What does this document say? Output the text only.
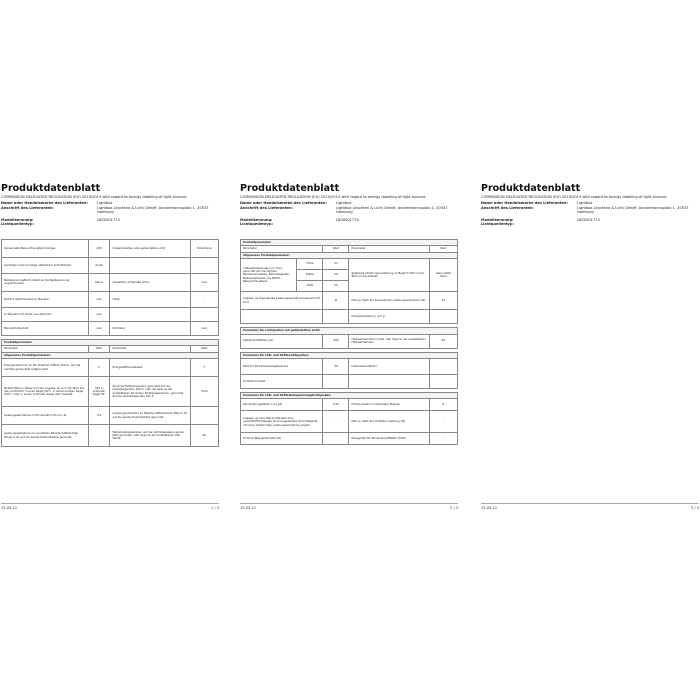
Produktdatenblatt
COMMISSION DELEGATED REGULATION (EU) 2019/2015 with regard to energy labelling of light sources
Name oder Handelsmarke des Lieferanten:	Lightbox
Anschrift des Lieferanten:	Lightbox Leuchten & Licht GmbH, Anckelmannsplatz 1, 20537 Hamburg
Modellkennung:	LB00001773
Lichtquellentyp:
Verwendete Beleuchtungstechnologie:	LED	Ungebündeltes oder gebündeltes Licht:	Directional
Sockeltyp (oder sonstige elektrische Schnittstelle)	GU10		
Netzspannung/Nicht direkt an die Netzspannung angeschlossen	Mains	Vernetzte Lichtquelle (CLS):	nein
Farblich abstimmbare Lichtquelle:	nein	Hülle:	-
Lichtquelle mit hoher Leuchtdichte:	nein		
Blendschutzschild:	nein	Dimmbar:	nein

Produktparameter			
Parameter	Wert	Parameter	Wert
Allgemeine Produktparameter:			
Energieverbrauch im Ein-Zustand (kWh/1 000 h), auf die nächste ganze Zahl aufgerundet	5	Energieeffizienzklasse	F
Nutzlichtstrom (Φuse) mit der Angabe, ob sich der Wert auf den Lichtstrom in einer Kegel (90°), in einem breiten Kegel (120°) oder in einem schmalen Kegel (90°) bezieht	345 in schmaler Kegel 90°	Ähnliche Farbtemperatur, gerundet auf die nächstliegenden 100 K, oder die Spanne der einstellbaren ähnlichen Farbtemperaturen, gerundet auf die nächstliegenden 100 K	2700
Leistungsaufnahme im Ein-Zustand (Pon) in W	4,5	Leistungsaufnahme im Bereitschaftszustand (Psb) in W, auf die zweite Dezimalstelle gerundet	
Leistungsaufnahme im vernetzten Bereitschaftsbetrieb (Pnet) in W, auf die zweite Dezimalstelle gerundet		Farbwiedergabeindex, auf die nächstgelegene ganze Zahl gerundet, oder Spanne der einstellbaren CRI-Werte	90
15.05.22	1 / 3
Produktdatenblatt
COMMISSION DELEGATED REGULATION (EU) 2019/2015 with regard to energy labelling of light sources
Name oder Handelsmarke des Lieferanten:	Lightbox
Anschrift des Lieferanten:	Lightbox Leuchten & Licht GmbH, Anckelmannsplatz 1, 20537 Hamburg
Modellkennung:	LB00001773
Lichtquellentyp:
Produktparameter				
Parameter		Wert	Parameter	Wert
Allgemeine Produktparameter:				
Außenabmessungen (in mm), gerundet auf die nächste Nachkommastelle, Betriebsgeräte, Bedienelemente und NLHM-Beleuchtungsteile	Höhe	53	Spektrale Strahlungsverteilung im Bereich 250 nm bis 800 nm bei Volllast	siehe letzte Seite
	Breite	50		
	Tiefe	50		
Angabe, ob Äquivalente Leistungsaufnahme beansprucht wird		Ja	Falls ja, Wert der äquivalenten Leistungsaufnahme (W)	35
			Farbwertanteile (x und y)	

Parameter für Lichtquellen mit gebündeltem Licht:				
Spitzenlichtstärke (cd)		650	Halbwertswinkel in Grad oder Spanne der einstellbaren Halbwertswinkel	36

Parameter für LED- und OLED-Lichtquellen:				
Wert für R9-Farbwiedergabeindex		30	Lebensdauerfaktor	
Lichtstromerhalt				

Parameter für LED- und OLED-Netzspannungslichtquellen:				
Verschiebungsfaktor (cos φ1)		0,50	Farbkonsistenz in MacAdam-Ellipsen	6
Angabe, ob eine LED-Lichtquelle eine Leuchtstofflichtquelle ohne eingebautes Vorschaltgerät mit einer bestimmten Leistungsaufnahme ersetzt.		-	Falls ja, Wert der ersetzten Leistung (W)	-
Flimmer-Messgröße (Pst LM)		-	Messgröße für Stroboskop-Effekte (SVM)	-
15.05.22	2 / 3
Produktdatenblatt
COMMISSION DELEGATED REGULATION (EU) 2019/2015 with regard to energy labelling of light sources
Name oder Handelsmarke des Lieferanten:	Lightbox
Anschrift des Lieferanten:	Lightbox Leuchten & Licht GmbH, Anckelmannsplatz 1, 20537 Hamburg
Modellkennung:	LB00001773
Lichtquellentyp:
15.05.22	3 / 3
